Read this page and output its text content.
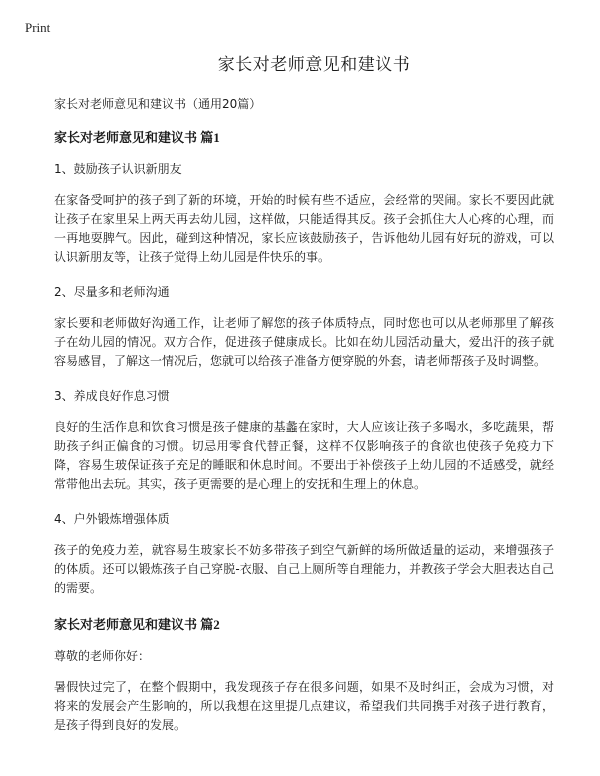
Print
家长对老师意见和建议书
家长对老师意见和建议书（通用20篇）
家长对老师意见和建议书 篇1
1、鼓励孩子认识新朋友
在家备受呵护的孩子到了新的环境，开始的时候有些不适应，会经常的哭闹。家长不要因此就让孩子在家里呆上两天再去幼儿园，这样做，只能适得其反。孩子会抓住大人心疼的心理，而一再地耍脾气。因此，碰到这种情况，家长应该鼓励孩子，告诉他幼儿园有好玩的游戏，可以认识新朋友等，让孩子觉得上幼儿园是件快乐的事。
2、尽量多和老师沟通
家长要和老师做好沟通工作，让老师了解您的孩子体质特点，同时您也可以从老师那里了解孩子在幼儿园的情况。双方合作，促进孩子健康成长。比如在幼儿园活动量大，爱出汗的孩子就容易感冒，了解这一情况后，您就可以给孩子准备方便穿脱的外套，请老师帮孩子及时调整。
3、养成良好作息习惯
良好的生活作息和饮食习惯是孩子健康的基蠡在家时，大人应该让孩子多喝水，多吃蔬果，帮助孩子纠正偏食的习惯。切忌用零食代替正餐，这样不仅影响孩子的食欲也使孩子免疫力下降，容易生玻保证孩子充足的睡眠和休息时间。不要出于补偿孩子上幼儿园的不适感受，就经常带他出去玩。其实，孩子更需要的是心理上的安抚和生理上的休息。
4、户外锻炼增强体质
孩子的免疫力差，就容易生玻家长不妨多带孩子到空气新鲜的场所做适量的运动，来增强孩子的体质。还可以锻炼孩子自己穿脱-衣服、自己上厕所等自理能力，并教孩子学会大胆表达自己的需要。
家长对老师意见和建议书 篇2
尊敬的老师你好：
暑假快过完了，在整个假期中，我发现孩子存在很多问题，如果不及时纠正，会成为习惯，对将来的发展会产生影响的，所以我想在这里提几点建议，希望我们共同携手对孩子进行教育，是孩子得到良好的发展。
